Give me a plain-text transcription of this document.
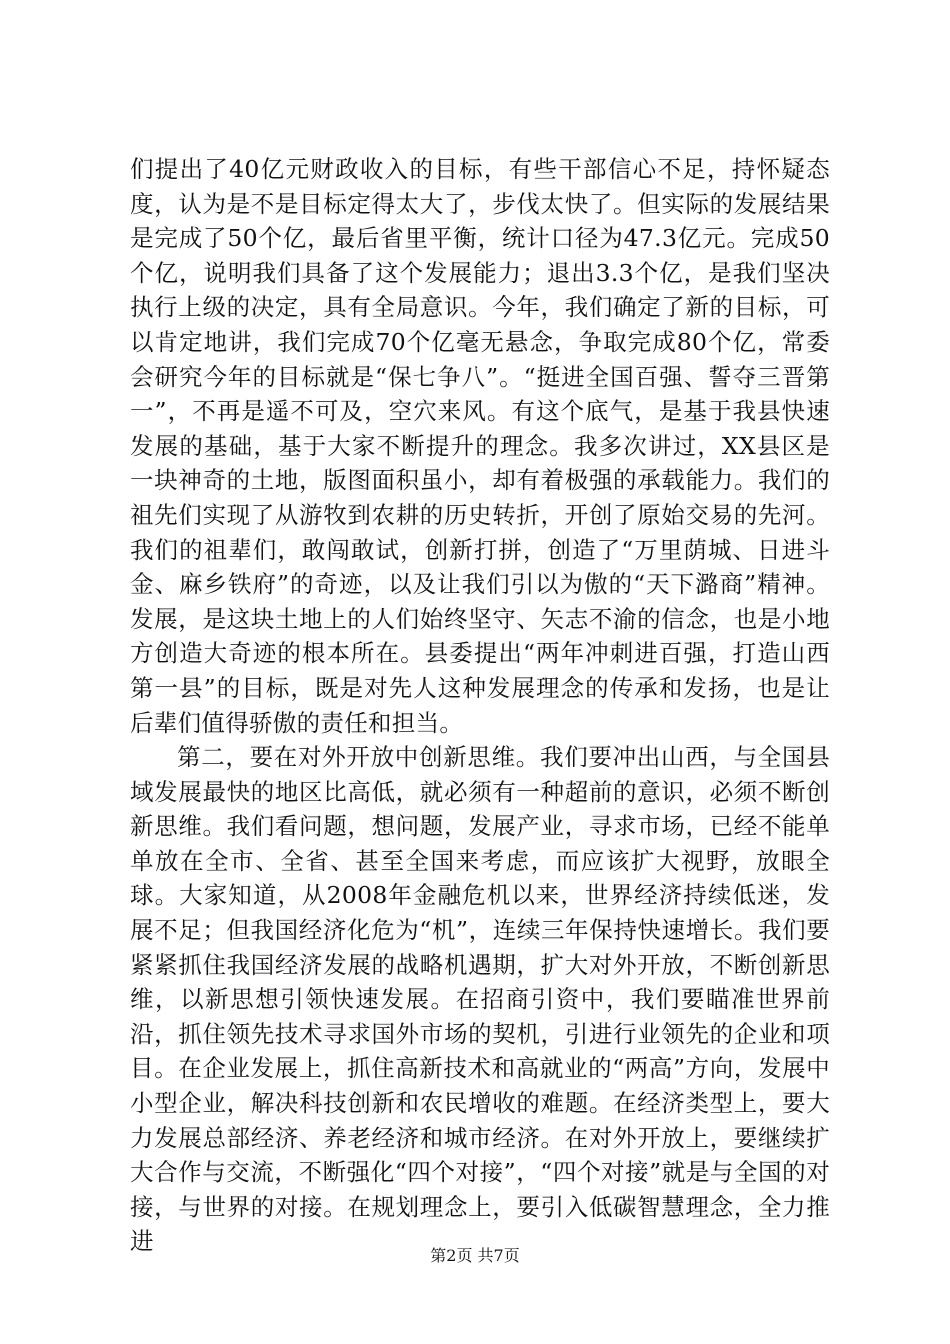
们提出了40亿元财政收入的目标，有些干部信心不足，持怀疑态度，认为是不是目标定得太大了，步伐太快了。但实际的发展结果是完成了50个亿，最后省里平衡，统计口径为47.3亿元。完成50个亿，说明我们具备了这个发展能力；退出3.3个亿，是我们坚决执行上级的决定，具有全局意识。今年，我们确定了新的目标，可以肯定地讲，我们完成70个亿毫无悬念，争取完成80个亿，常委会研究今年的目标就是“保七争八”。“挺进全国百强、誓夺三晋第一”，不再是遥不可及，空穴来风。有这个底气，是基于我县快速发展的基础，基于大家不断提升的理念。我多次讲过，XX县区是一块神奇的土地，版图面积虽小，却有着极强的承载能力。我们的祖先们实现了从游牧到农耕的历史转折，开创了原始交易的先河。我们的祖辈们，敢闯敢试，创新打拼，创造了“万里荫城、日进斗金、麻乡铁府”的奇迹，以及让我们引以为傲的“天下潞商”精神。发展，是这块土地上的人们始终坚守、矢志不渝的信念，也是小地方创造大奇迹的根本所在。县委提出“两年冲刺进百强，打造山西第一县”的目标，既是对先人这种发展理念的传承和发扬，也是让后辈们值得骄傲的责任和担当。

第二，要在对外开放中创新思维。我们要冲出山西，与全国县域发展最快的地区比高低，就必须有一种超前的意识，必须不断创新思维。我们看问题，想问题，发展产业，寻求市场，已经不能单单放在全市、全省、甚至全国来考虑，而应该扩大视野，放眼全球。大家知道，从2008年金融危机以来，世界经济持续低迷，发展不足；但我国经济化危为“机”，连续三年保持快速增长。我们要紧紧抓住我国经济发展的战略机遇期，扩大对外开放，不断创新思维，以新思想引领快速发展。在招商引资中，我们要瞄准世界前沿，抓住领先技术寻求国外市场的契机，引进行业领先的企业和项目。在企业发展上，抓住高新技术和高就业的“两高”方向，发展中小型企业，解决科技创新和农民增收的难题。在经济类型上，要大力发展总部经济、养老经济和城市经济。在对外开放上，要继续扩大合作与交流，不断强化“四个对接”，“四个对接”就是与全国的对接，与世界的对接。在规划理念上，要引入低碳智慧理念，全力推进

第2页 共7页
